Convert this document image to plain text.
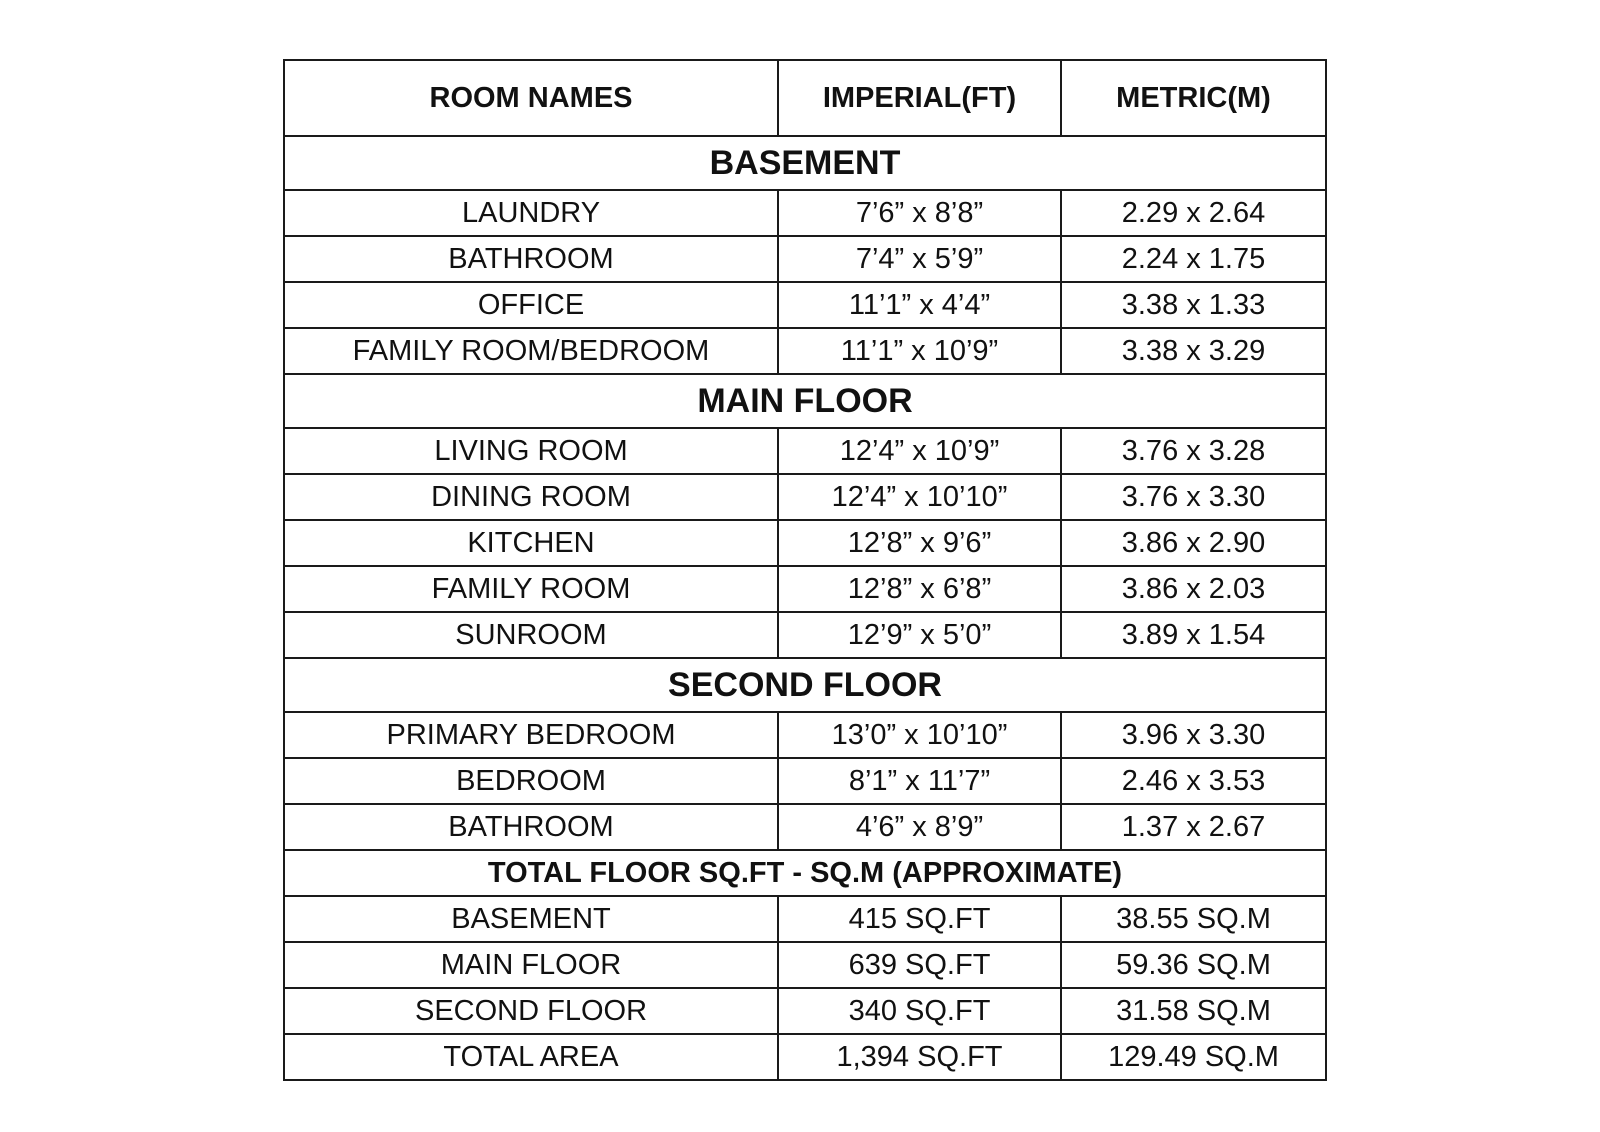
ROOM NAMES	IMPERIAL(FT)	METRIC(M)
BASEMENT		
LAUNDRY	7’6” x 8’8”	2.29 x 2.64
BATHROOM	7’4” x 5’9”	2.24 x 1.75
OFFICE	11’1” x 4’4”	3.38 x 1.33
FAMILY ROOM/BEDROOM	11’1” x 10’9”	3.38 x 3.29
MAIN FLOOR		
LIVING ROOM	12’4” x 10’9”	3.76 x 3.28
DINING ROOM	12’4” x 10’10”	3.76 x 3.30
KITCHEN	12’8” x 9’6”	3.86 x 2.90
FAMILY ROOM	12’8” x 6’8”	3.86 x 2.03
SUNROOM	12’9” x 5’0”	3.89 x 1.54
SECOND FLOOR		
PRIMARY BEDROOM	13’0” x 10’10”	3.96 x 3.30
BEDROOM	8’1” x 11’7”	2.46 x 3.53
BATHROOM	4’6” x 8’9”	1.37 x 2.67
TOTAL FLOOR SQ.FT - SQ.M (APPROXIMATE)		
BASEMENT	415 SQ.FT	38.55 SQ.M
MAIN FLOOR	639 SQ.FT	59.36 SQ.M
SECOND FLOOR	340 SQ.FT	31.58 SQ.M
TOTAL AREA	1,394 SQ.FT	129.49 SQ.M
